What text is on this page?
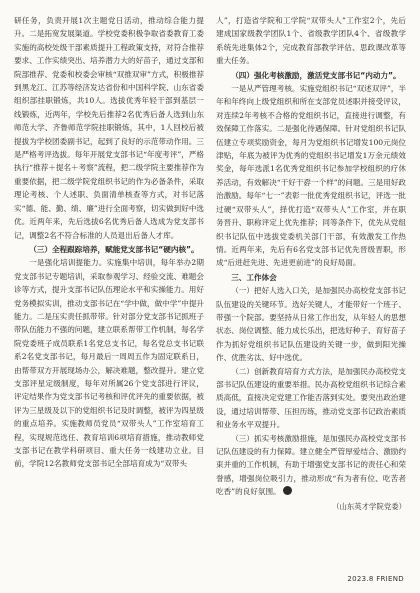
研任务，负责开展1次主题党日活动，推动综合能力提升。二是拓宽发展渠道。学校党委积极争取省委教育工委实施的高校处级干部素质提升工程政策支持，对符合推荐要求、工作实绩突出、培养潜力大的好苗子，通过支部和院部推荐、党委和校委会审核“双推双审”方式，积极推荐到黑龙江、江苏等经济发达省份和中国科学院、山东省委组织部挂职锻炼，共10人。选拔优秀年轻干部到基层一线锻炼，近两年，学校先后推荐2名优秀后备人选到山东师范大学、齐鲁师范学院挂职锻炼，其中，1人回校后被提拔为学校团委副书记，起到了良好的示范带动作用。三是严格考评选拔。每年开展党支部书记“年度考评”，严格执行“推荐＋提名＋考察”流程，把二级学院主要推荐作为重要依据，把二级学院党组织书记的作为必备条件，采取理论考核、个人述职、负面清单核查等方式，对书记落实“德、能、勤、绩、廉”进行全面考察，切实做到好中选优。近两年来，先后选拔6名优秀后备人选成为党支部书记，调整2名不符合标准的人员退出后备人才库。

（三）全程跟踪培养，赋能党支部书记“硬内核”。

一是强化培训提能力。实施集中培训，每年举办2期党支部书记专题培训，采取参观学习、经验交流、难题会诊等方式，提升支部书记队伍理论水平和实操能力。用好党务模拟实训，推动支部书记在“学中做，做中学”中提升能力。二是压实责任抓带带。针对部分党支部书记抓班子带队伍能力不强的问题，建立联系帮带工作机制，每名学院党委班子成员联系1名党总支书记，每名党总支书记联系2名党支部书记，每月最后一周周五作为固定联系日，由帮带双方开展现场办公，解决难题，整改提升。建立党支部评星定级制度，每年对所属26个党支部进行评议，评定结果作为党支部书记考核和评优评先的重要依据，被评为三星级及以下的党组织书记及时调整，被评为四星级的重点培养。实施教师员党员“双带头人”工作室培育工程，实现规范选任、教育培训6项培育措施，推动教师党支部书记在教学科研项目、重大任务一线建功立业。目前，学院12名教师党支部书记全部培育成为“双带头

人”，打造省学院和工学院“双带头人”工作室2个，先后建成国家级教学团队1个、省级教学团队4个、省级教学系统先进集体2个，完成教育部教学评估、思政课改革等重大任务。

（四）强化考核激励，激活党支部书记“内动力”。

一是从严管理考核。实施党组织书记“双述双评”，半年和年终向上级党组织和所在支部党员述职并接受评议，对连续2年考核不合格的党组织书记，直接进行调整，有效保障工作落实。二是强化待遇保障。针对党组织书记队伍建立专项奖励资金，每月为党组织书记增发100元岗位津贴，年底为被评为优秀的党组织书记增发1万余元绩效奖金，每年选派1名优秀党组织书记参加学校组织的疗休养活动，有效解决“干好干孬一个样”的问题。三是用好政治激励。每年“七一”表彰一批优秀党组织书记，评选一批过硬“双带头人”，择优打造“双带头人”工作室，并在职务晋升、职称评定上优先推荐；同等条件下，优先从党组织书记队伍中选拔党委机关部门干部，有效激发工作热情。近两年来，先后有6名党支部书记优先晋级晋职，形成“后进赶先进、先进更前进”的良好局面。

三、工作体会

（一）把好人选入口关，是加强民办高校党支部书记队伍建设的关键环节。选好关键人，才能带好一个班子、带强一个院部。要坚持从日常工作出发，从年轻人的思想状态、岗位调整、能力成长乐出，把选好种子、育好苗子作为抓好党组织书记队伍建设的关键一步，做到阳光操作、优胜劣汰、好中选优。

（二）创新教育培育方式方法，是加强民办高校党支部书记队伍建设的重要举措。民办高校党组织书记综合素质高低，直接决定党建工作能否落到实处。要突出政治建设，通过培训帮带、压担历练，推动党支部书记政治素质和业务水平双提升。

（三）抓实考核激励措施，是加强民办高校党支部书记队伍建设的有力保障。建立健全严管厚爱结合、激励约束并重的工作机制，有助于增强党支部书记的责任心和荣誉感，增强岗位吸引力，推动形成“有为者有位、吃苦者吃香”的良好氛围。

（山东英才学院党委）
2023.8 FRIEND
